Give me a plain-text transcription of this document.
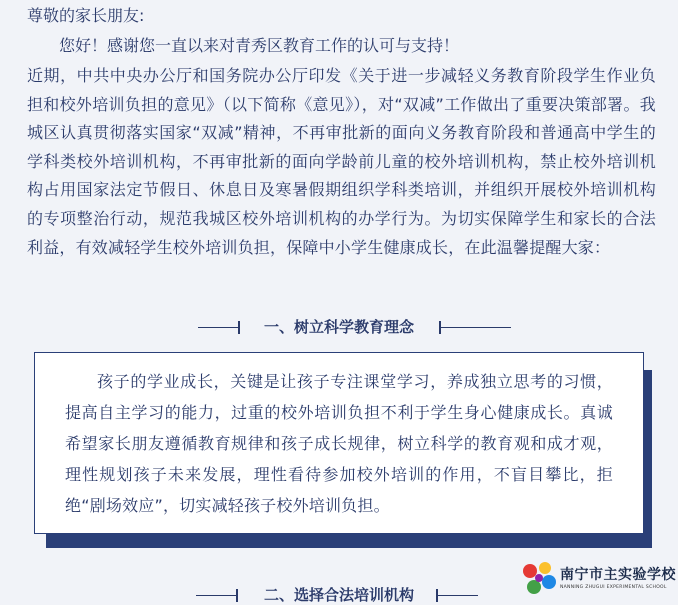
尊敬的家长朋友:

您好！感谢您一直以来对青秀区教育工作的认可与支持！

近期，中共中央办公厅和国务院办公厅印发《关于进一步减轻义务教育阶段学生作业负担和校外培训负担的意见》（以下简称《意见》），对“双减”工作做出了重要决策部署。我城区认真贯彻落实国家“双减”精神，不再审批新的面向义务教育阶段和普通高中学生的学科类校外培训机构，不再审批新的面向学龄前儿童的校外培训机构，禁止校外培训机构占用国家法定节假日、休息日及寒暑假期组织学科类培训，并组织开展校外培训机构的专项整治行动，规范我城区校外培训机构的办学行为。为切实保障学生和家长的合法利益，有效减轻学生校外培训负担，保障中小学生健康成长，在此温馨提醒大家：

一、树立科学教育理念

孩子的学业成长，关键是让孩子专注课堂学习，养成独立思考的习惯，提高自主学习的能力，过重的校外培训负担不利于学生身心健康成长。真诚希望家长朋友遵循教育规律和孩子成长规律，树立科学的教育观和成才观，理性规划孩子未来发展，理性看待参加校外培训的作用，不盲目攀比，拒绝“剧场效应”，切实减轻孩子校外培训负担。

二、选择合法培训机构
南宁市主实验学校
NANNING ZHUGUI EXPERIMENTAL SCHOOL
